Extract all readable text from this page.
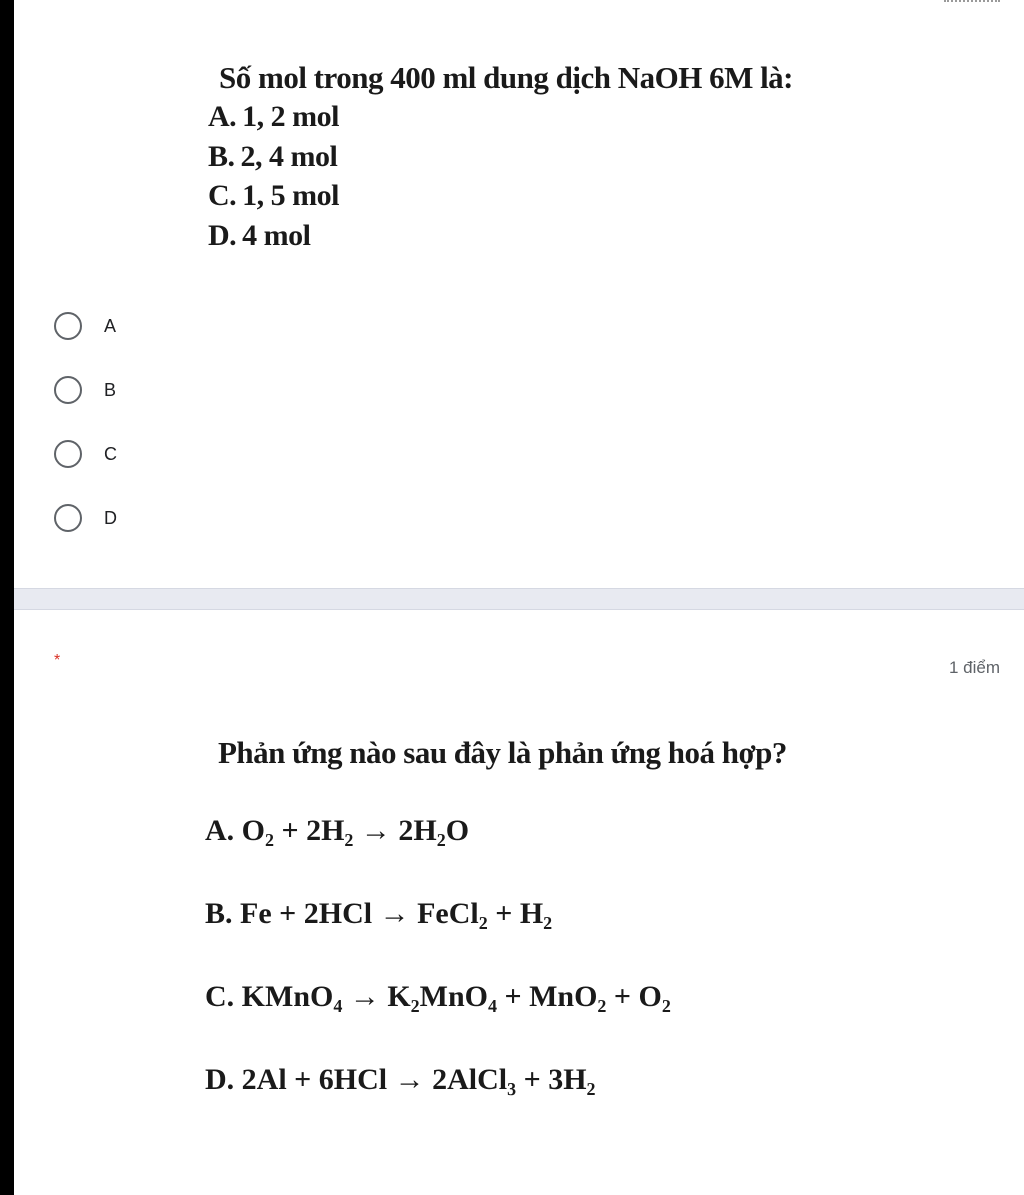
Số mol trong 400 ml dung dịch NaOH 6M là:
A. 1, 2 mol
B. 2, 4 mol
C. 1, 5 mol
D. 4 mol
A
B
C
D
*	1 điểm
Phản ứng nào sau đây là phản ứng hoá hợp?
A. O₂ + 2H₂ → 2H₂O
B. Fe + 2HCl → FeCl₂ + H₂
C. KMnO₄ → K₂MnO₄ + MnO₂ + O₂
D. 2Al + 6HCl → 2AlCl₃ + 3H₂
